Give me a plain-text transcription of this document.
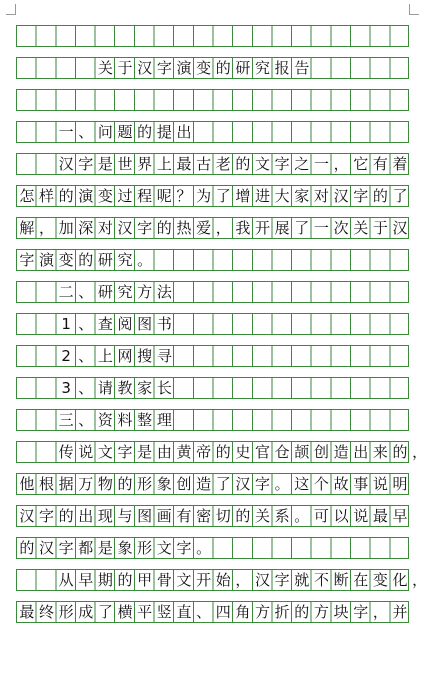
关 于 汉 字 演 变 的 研 究 报 告
一 、 问 题 的 提 出
汉 字 是 世 界 上 最 古 老 的 文 字 之 一 ， 它 有 着
怎 样 的 演 变 过 程 呢 ？ 为 了 增 进 大 家 对 汉 字 的 了
解 ， 加 深 对 汉 字 的 热 爱 ， 我 开 展 了 一 次 关 于 汉
字 演 变 的 研 究 。
二 、 研 究 方 法
1 、 查 阅 图 书
2 、 上 网 搜 寻
3 、 请 教 家 长
三 、 资 料 整 理
传 说 文 字 是 由 黄 帝 的 史 官 仓 颉 创 造 出 来 的 ，
他 根 据 万 物 的 形 象 创 造 了 汉 字 。 这 个 故 事 说 明
汉 字 的 出 现 与 图 画 有 密 切 的 关 系 。 可 以 说 最 早
的 汉 字 都 是 象 形 文 字 。
从 早 期 的 甲 骨 文 开 始 ， 汉 字 就 不 断 在 变 化 ，
最 终 形 成 了 横 平 竖 直 、 四 角 方 折 的 方 块 字 ， 并
